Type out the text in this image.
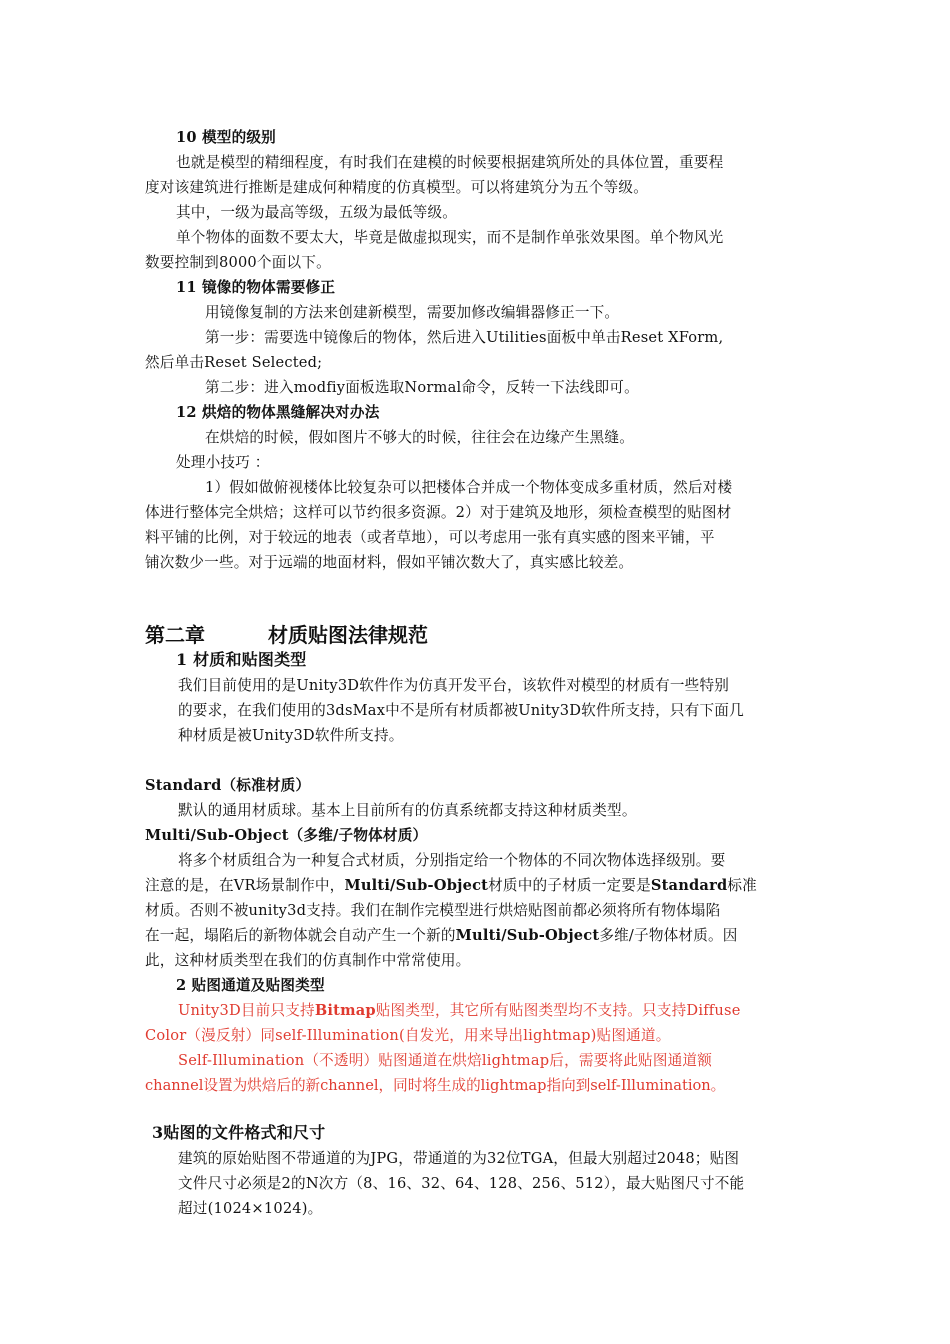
10 模型的级别
也就是模型的精细程度，有时我们在建模的时候要根据建筑所处的具体位置，重要程
度对该建筑进行推断是建成何种精度的仿真模型。可以将建筑分为五个等级。
其中，一级为最高等级，五级为最低等级。
单个物体的面数不要太大，毕竟是做虚拟现实，而不是制作单张效果图。单个物风光
数要控制到8000个面以下。
11 镜像的物体需要修正
用镜像复制的方法来创建新模型，需要加修改编辑器修正一下。
第一步：需要选中镜像后的物体，然后进入Utilities面板中单击Reset XForm,
然后单击Reset Selected;
第二步：进入modfiy面板选取Normal命令，反转一下法线即可。
12 烘焙的物体黑缝解决对办法
在烘焙的时候，假如图片不够大的时候，往往会在边缘产生黑缝。
处理小技巧 ：
1）假如做俯视楼体比较复杂可以把楼体合并成一个物体变成多重材质，然后对楼
体进行整体完全烘焙；这样可以节约很多资源。2）对于建筑及地形，须检查模型的贴图材
料平铺的比例，对于较远的地表（或者草地），可以考虑用一张有真实感的图来平铺，平
铺次数少一些。对于远端的地面材料，假如平铺次数大了，真实感比较差。
第二章	材质贴图法律规范
1 材质和贴图类型
我们目前使用的是Unity3D软件作为仿真开发平台，该软件对模型的材质有一些特别
的要求，在我们使用的3dsMax中不是所有材质都被Unity3D软件所支持，只有下面几
种材质是被Unity3D软件所支持。
Standard（标准材质）
默认的通用材质球。基本上目前所有的仿真系统都支持这种材质类型。
Multi/Sub-Object（多维/子物体材质）
将多个材质组合为一种复合式材质，分别指定给一个物体的不同次物体选择级别。要
注意的是，在VR场景制作中，Multi/Sub-Object材质中的子材质一定要是Standard标准
材质。否则不被unity3d支持。我们在制作完模型进行烘焙贴图前都必须将所有物体塌陷
在一起，塌陷后的新物体就会自动产生一个新的Multi/Sub-Object多维/子物体材质。因
此，这种材质类型在我们的仿真制作中常常使用。
2 贴图通道及贴图类型
Unity3D目前只支持Bitmap贴图类型，其它所有贴图类型均不支持。只支持Diffuse
Color（漫反射）同self-Illumination(自发光，用来导出lightmap)贴图通道。
Self-Illumination（不透明）贴图通道在烘焙lightmap后，需要将此贴图通道额
channel设置为烘焙后的新channel，同时将生成的lightmap指向到self-Illumination。
3贴图的文件格式和尺寸
建筑的原始贴图不带通道的为JPG，带通道的为32位TGA，但最大别超过2048；贴图
文件尺寸必须是2的N次方（8、16、32、64、128、256、512），最大贴图尺寸不能
超过(1024×1024)。
